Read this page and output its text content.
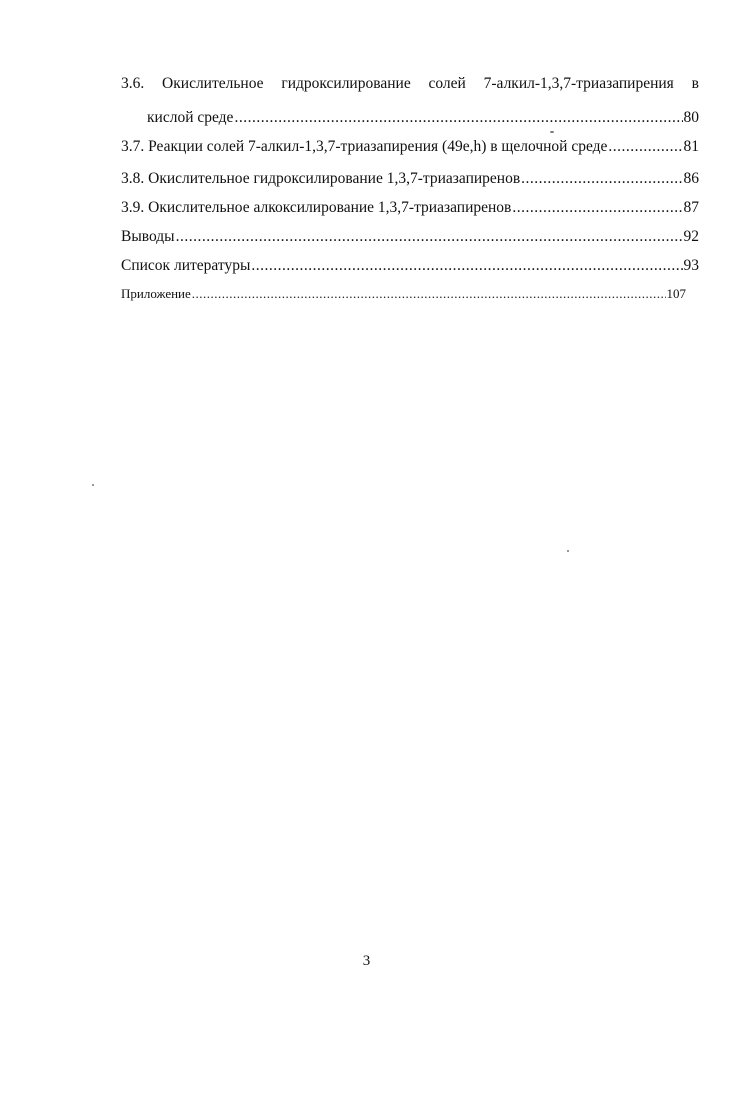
3.6. Окислительное гидроксилирование солей 7-алкил-1,3,7-триазапирения в
кислой среде .....	80
3.7. Реакции солей 7-алкил-1,3,7-триазапирения (49е,h) в щелочной среде .....	81
3.8. Окислительное гидроксилирование 1,3,7-триазапиренов .....	86
3.9. Окислительное алкоксилирование 1,3,7-триазапиренов .....	87
Выводы .....	92
Список литературы .....	93
Приложение .....	107
3
